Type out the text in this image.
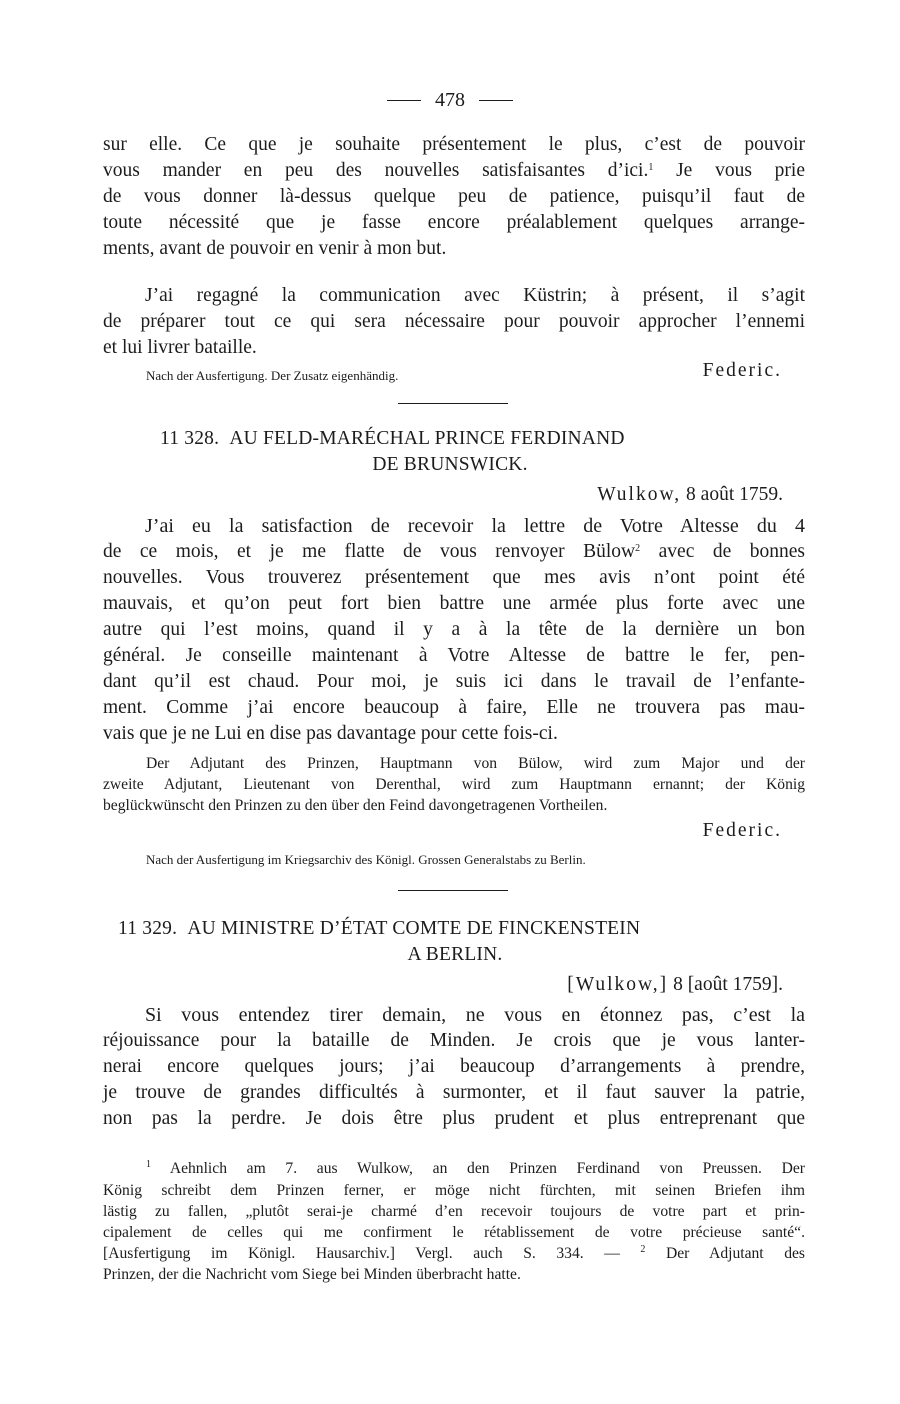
478
sur elle. Ce que je souhaite présentement le plus, c’est de pouvoir
vous mander en peu des nouvelles satisfaisantes d’ici.$^1$ Je vous prie
de vous donner là-dessus quelque peu de patience, puisqu’il faut de
toute nécessité que je fasse encore préalablement quelques arrange-
ments, avant de pouvoir en venir à mon but.
J’ai regagné la communication avec Küstrin; à présent, il s’agit
de préparer tout ce qui sera nécessaire pour pouvoir approcher l’ennemi
et lui livrer bataille.
Nach der Ausfertigung. Der Zusatz eigenhändig.	Federic.
11 328. AU FELD-MARÉCHAL PRINCE FERDINAND
DE BRUNSWICK.
Wulkow, 8 août 1759.
J’ai eu la satisfaction de recevoir la lettre de Votre Altesse du 4
de ce mois, et je me flatte de vous renvoyer Bülow$^2$ avec de bonnes
nouvelles. Vous trouverez présentement que mes avis n’ont point été
mauvais, et qu’on peut fort bien battre une armée plus forte avec une
autre qui l’est moins, quand il y a à la tête de la dernière un bon
général. Je conseille maintenant à Votre Altesse de battre le fer, pen-
dant qu’il est chaud. Pour moi, je suis ici dans le travail de l’enfante-
ment. Comme j’ai encore beaucoup à faire, Elle ne trouvera pas mau-
vais que je ne Lui en dise pas davantage pour cette fois-ci.
Der Adjutant des Prinzen, Hauptmann von Bülow, wird zum Major und der
zweite Adjutant, Lieutenant von Derenthal, wird zum Hauptmann ernannt; der König
beglückwünscht den Prinzen zu den über den Feind davongetragenen Vortheilen.
Federic.
Nach der Ausfertigung im Kriegsarchiv des Königl. Grossen Generalstabs zu Berlin.
11 329. AU MINISTRE D’ÉTAT COMTE DE FINCKENSTEIN
A BERLIN.
[Wulkow,] 8 [août 1759].
Si vous entendez tirer demain, ne vous en étonnez pas, c’est la
réjouissance pour la bataille de Minden. Je crois que je vous lanter-
nerai encore quelques jours; j’ai beaucoup d’arrangements à prendre,
je trouve de grandes difficultés à surmonter, et il faut sauver la patrie,
non pas la perdre. Je dois être plus prudent et plus entreprenant que
$^1$ Aehnlich am 7. aus Wulkow, an den Prinzen Ferdinand von Preussen. Der
König schreibt dem Prinzen ferner, er möge nicht fürchten, mit seinen Briefen ihm
lästig zu fallen, „plutôt serai-je charmé d’en recevoir toujours de votre part et prin-
cipalement de celles qui me confirment le rétablissement de votre précieuse santé“.
[Ausfertigung im Königl. Hausarchiv.] Vergl. auch S. 334. — $^2$ Der Adjutant des
Prinzen, der die Nachricht vom Siege bei Minden überbracht hatte.
